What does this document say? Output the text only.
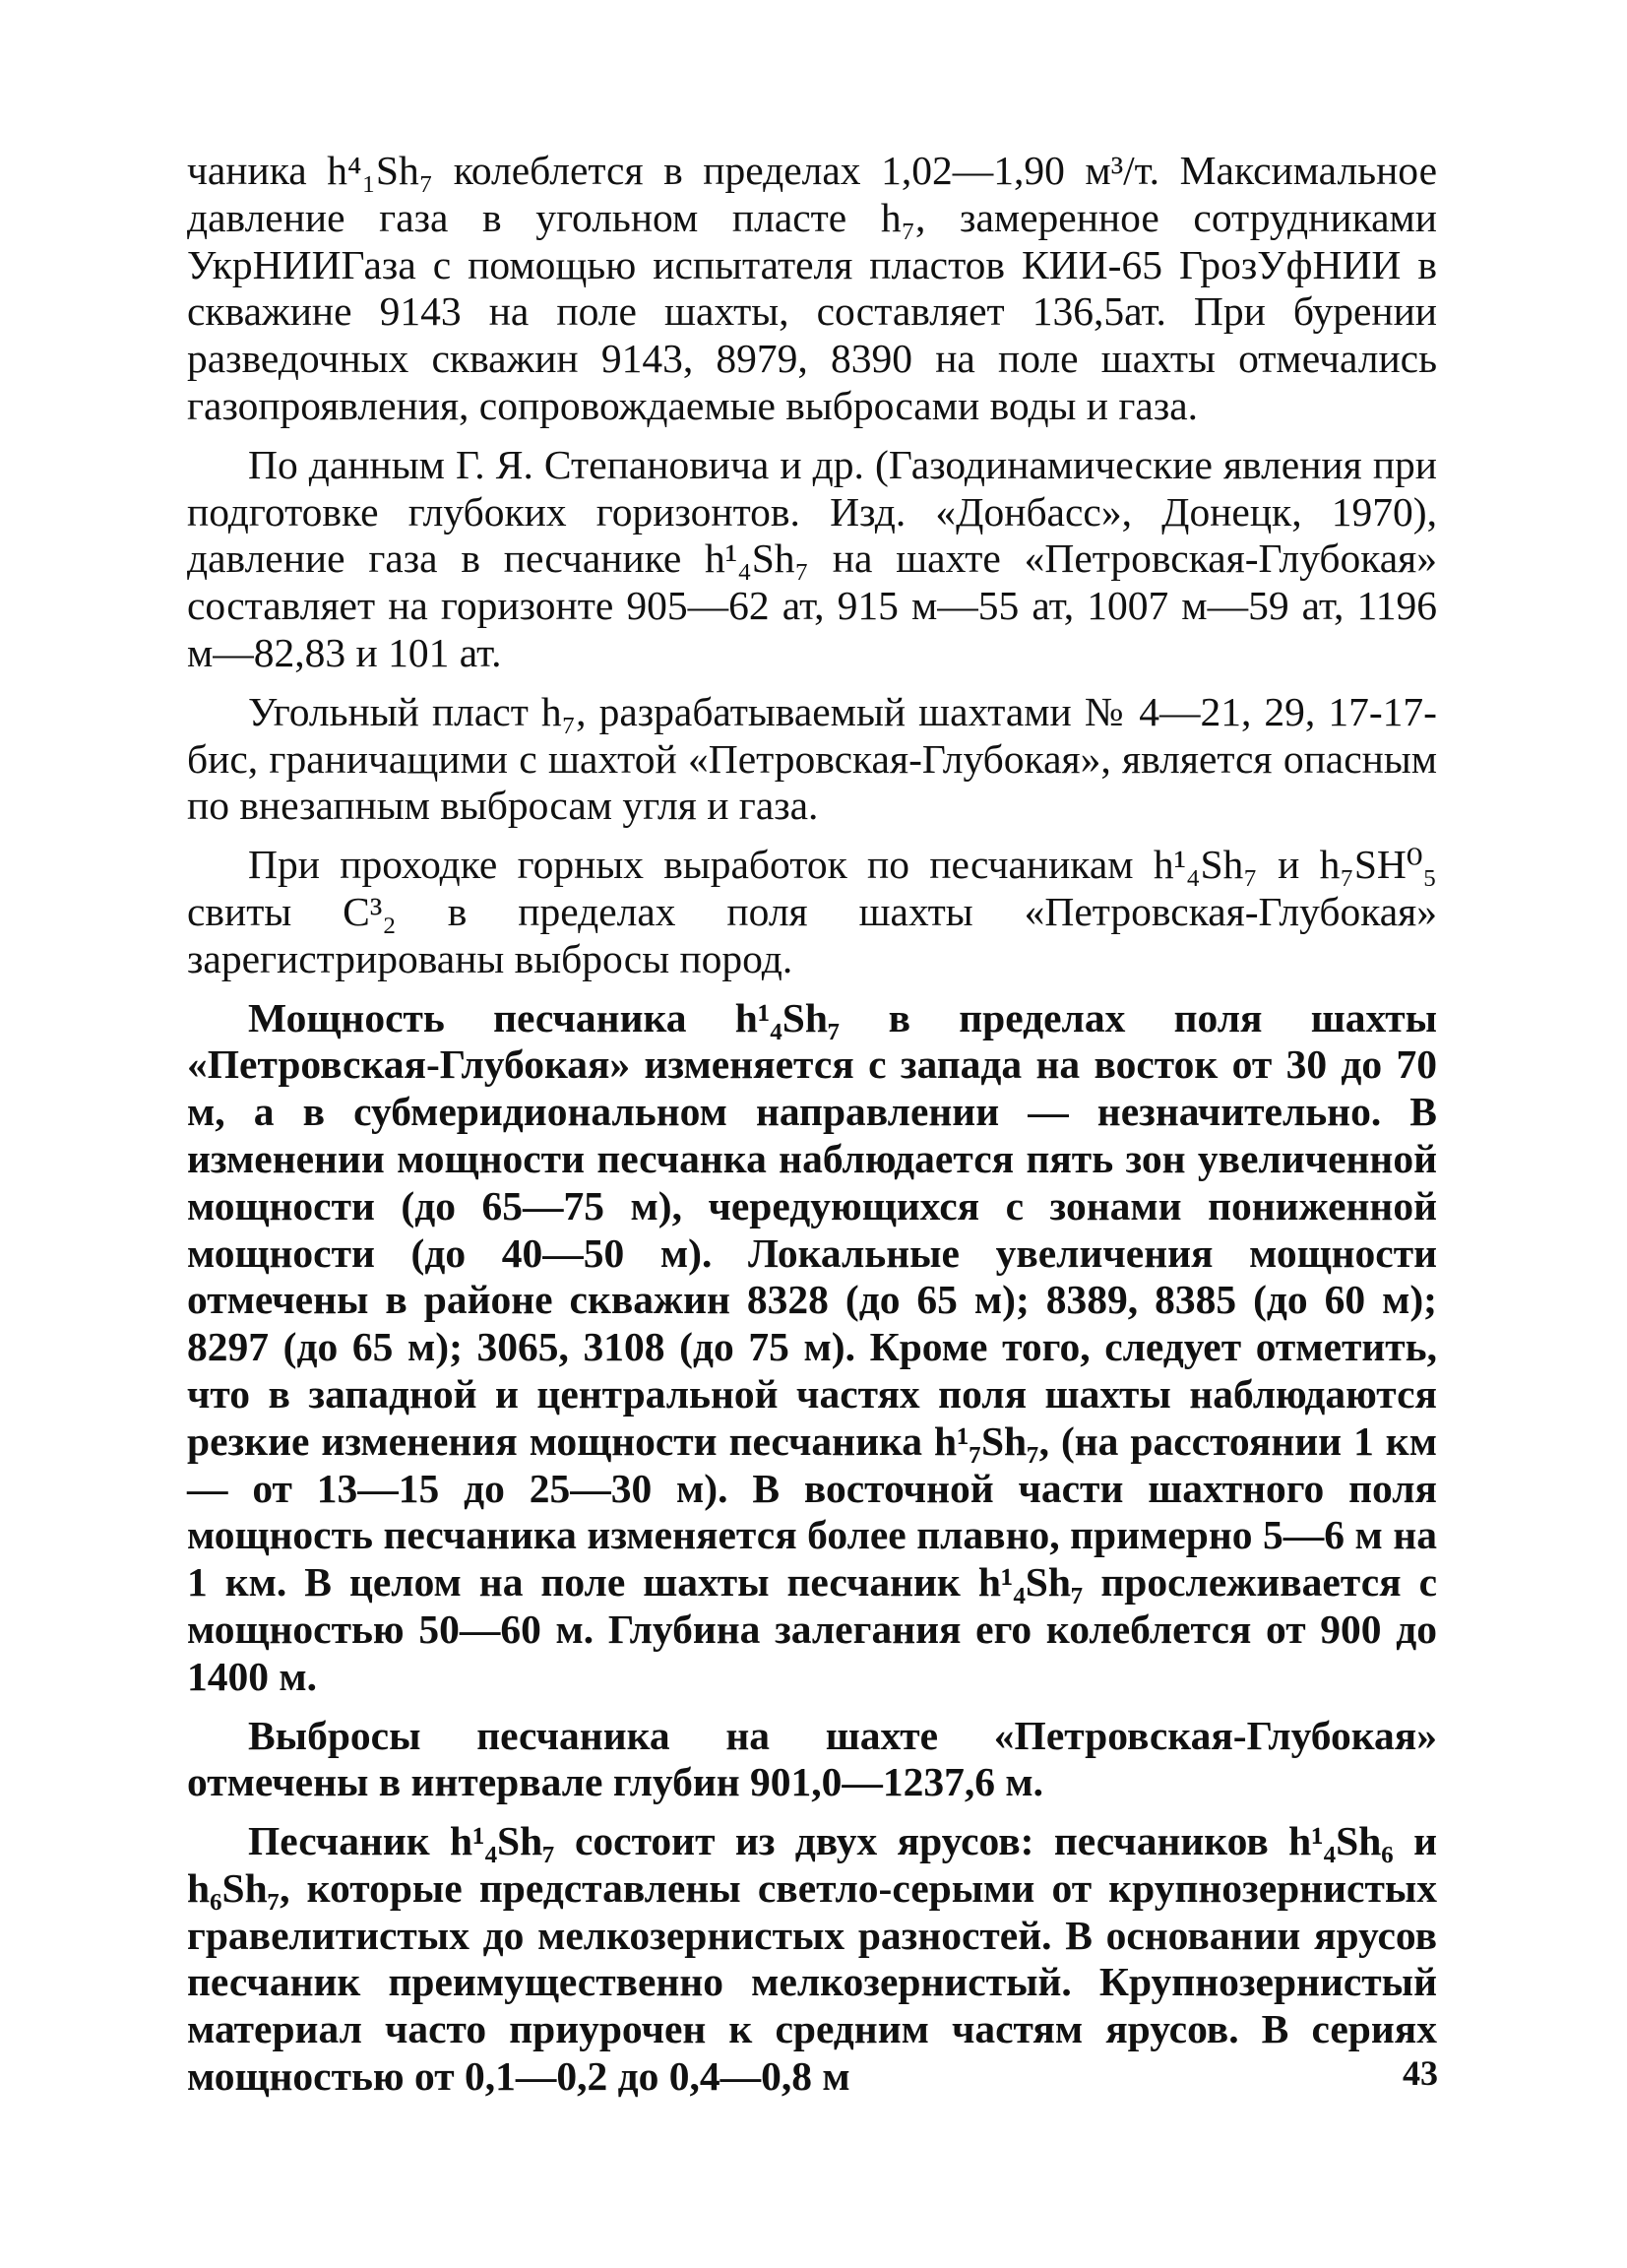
чаника h⁴₁Sh₇ колеблется в пределах 1,02—1,90 м³/т. Максимальное давление газа в угольном пласте h₇, замеренное сотрудниками УкрНИИГаза с помощью испытателя пластов КИИ-65 ГрозУфНИИ в скважине 9143 на поле шахты, составляет 136,5ат. При бурении разведочных скважин 9143, 8979, 8390 на поле шахты отмечались газопроявления, сопровождаемые выбросами воды и газа.

По данным Г. Я. Степановича и др. (Газодинамические явления при подготовке глубоких горизонтов. Изд. «Донбасс», Донецк, 1970), давление газа в песчанике h¹₄Sh₇ на шахте «Петровская-Глубокая» составляет на горизонте 905—62 ат, 915 м—55 ат, 1007 м—59 ат, 1196 м—82,83 и 101 ат.

Угольный пласт h₇, разрабатываемый шахтами № 4—21, 29, 17-17-бис, граничащими с шахтой «Петровская-Глубокая», является опасным по внезапным выбросам угля и газа.

При проходке горных выработок по песчаникам h¹₄Sh₇ и h₇SH⁰₅ свиты C³₂ в пределах поля шахты «Петровская-Глубокая» зарегистрированы выбросы пород.

Мощность песчаника h¹₄Sh₇ в пределах поля шахты «Петровская-Глубокая» изменяется с запада на восток от 30 до 70 м, а в субмеридиональном направлении — незначительно. В изменении мощности песчанка наблюдается пять зон увеличенной мощности (до 65—75 м), чередующихся с зонами пониженной мощности (до 40—50 м). Локальные увеличения мощности отмечены в районе скважин 8328 (до 65 м); 8389, 8385 (до 60 м); 8297 (до 65 м); 3065, 3108 (до 75 м). Кроме того, следует отметить, что в западной и центральной частях поля шахты наблюдаются резкие изменения мощности песчаника h¹₇Sh₇, (на расстоянии 1 км — от 13—15 до 25—30 м). В восточной части шахтного поля мощность песчаника изменяется более плавно, примерно 5—6 м на 1 км. В целом на поле шахты песчаник h¹₄Sh₇ прослеживается с мощностью 50—60 м. Глубина залегания его колеблется от 900 до 1400 м.

Выбросы песчаника на шахте «Петровская-Глубокая» отмечены в интервале глубин 901,0—1237,6 м.

Песчаник h¹₄Sh₇ состоит из двух ярусов: песчаников h¹₄Sh₆ и h₆Sh₇, которые представлены светло-серыми от крупнозернистых гравелитистых до мелкозернистых разностей. В основании ярусов песчаник преимущественно мелкозернистый. Крупнозернистый материал часто приурочен к средним частям ярусов. В сериях мощностью от 0,1—0,2 до 0,4—0,8 м	43
